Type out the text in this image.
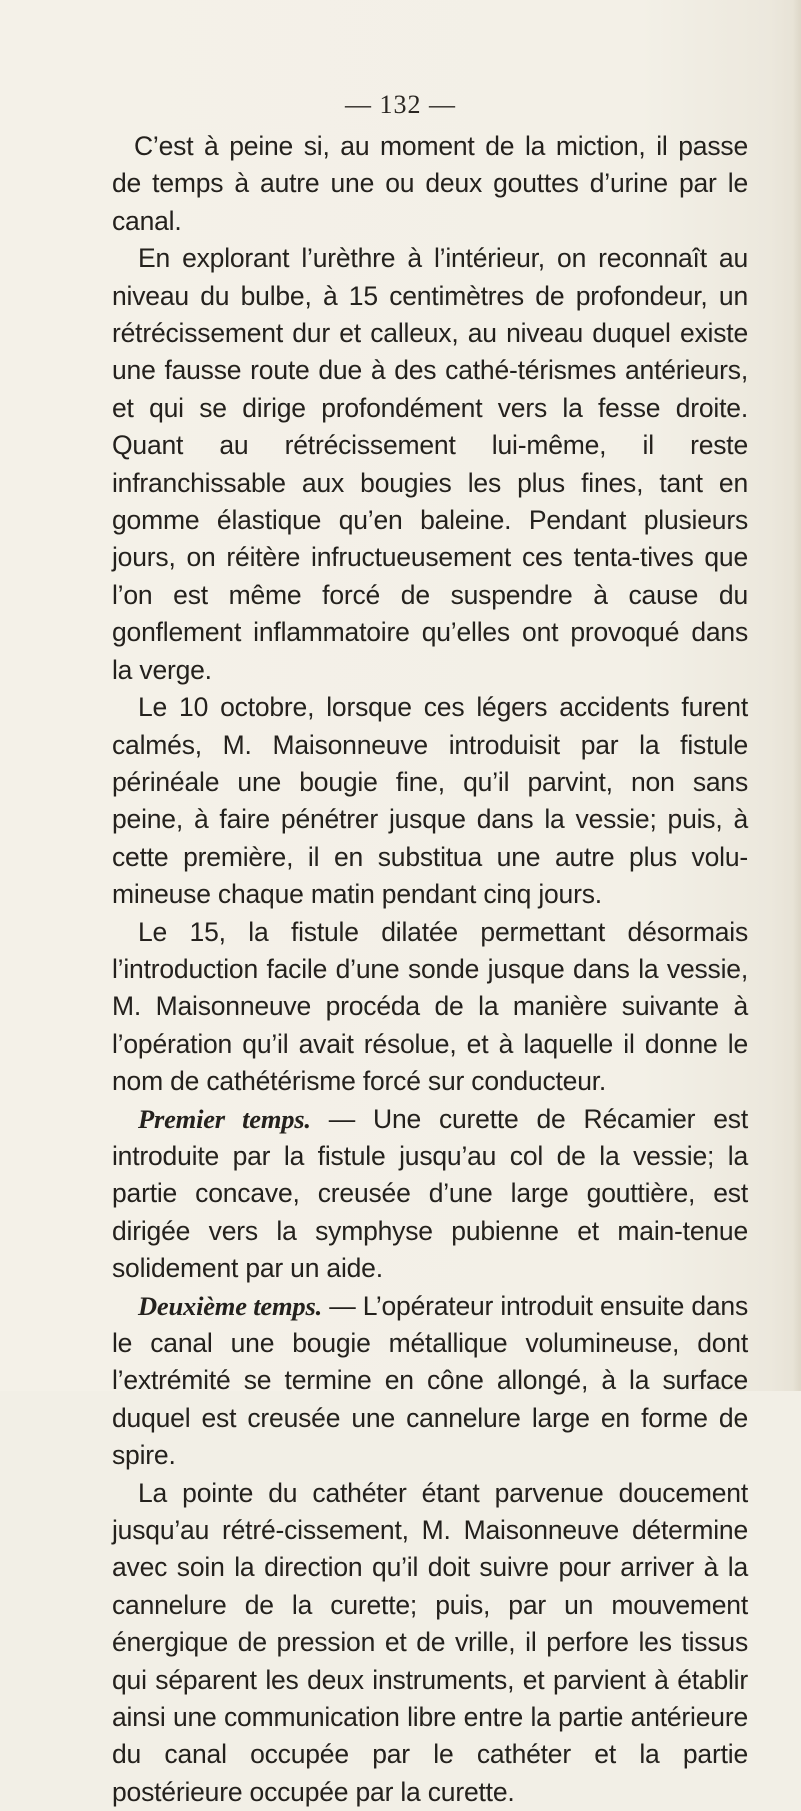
— 132 —

C’est à peine si, au moment de la miction, il passe de temps à autre une ou deux gouttes d’urine par le canal.

En explorant l’urèthre à l’intérieur, on reconnaît au niveau du bulbe, à 15 centimètres de profondeur, un rétrécissement dur et calleux, au niveau duquel existe une fausse route due à des cathé-térismes antérieurs, et qui se dirige profondément vers la fesse droite. Quant au rétrécissement lui-même, il reste infranchissable aux bougies les plus fines, tant en gomme élastique qu’en baleine. Pendant plusieurs jours, on réitère infructueusement ces tenta-tives que l’on est même forcé de suspendre à cause du gonflement inflammatoire qu’elles ont provoqué dans la verge.

Le 10 octobre, lorsque ces légers accidents furent calmés, M. Maisonneuve introduisit par la fistule périnéale une bougie fine, qu’il parvint, non sans peine, à faire pénétrer jusque dans la vessie; puis, à cette première, il en substitua une autre plus volu-mineuse chaque matin pendant cinq jours.

Le 15, la fistule dilatée permettant désormais l’introduction facile d’une sonde jusque dans la vessie, M. Maisonneuve procéda de la manière suivante à l’opération qu’il avait résolue, et à laquelle il donne le nom de cathétérisme forcé sur conducteur.

Premier temps. — Une curette de Récamier est introduite par la fistule jusqu’au col de la vessie; la partie concave, creusée d’une large gouttière, est dirigée vers la symphyse pubienne et main-tenue solidement par un aide.

Deuxième temps. — L’opérateur introduit ensuite dans le canal une bougie métallique volumineuse, dont l’extrémité se termine en cône allongé, à la surface duquel est creusée une cannelure large en forme de spire.

La pointe du cathéter étant parvenue doucement jusqu’au rétré-cissement, M. Maisonneuve détermine avec soin la direction qu’il doit suivre pour arriver à la cannelure de la curette; puis, par un mouvement énergique de pression et de vrille, il perfore les tissus qui séparent les deux instruments, et parvient à établir ainsi une communication libre entre la partie antérieure du canal occupée par le cathéter et la partie postérieure occupée par la curette.
